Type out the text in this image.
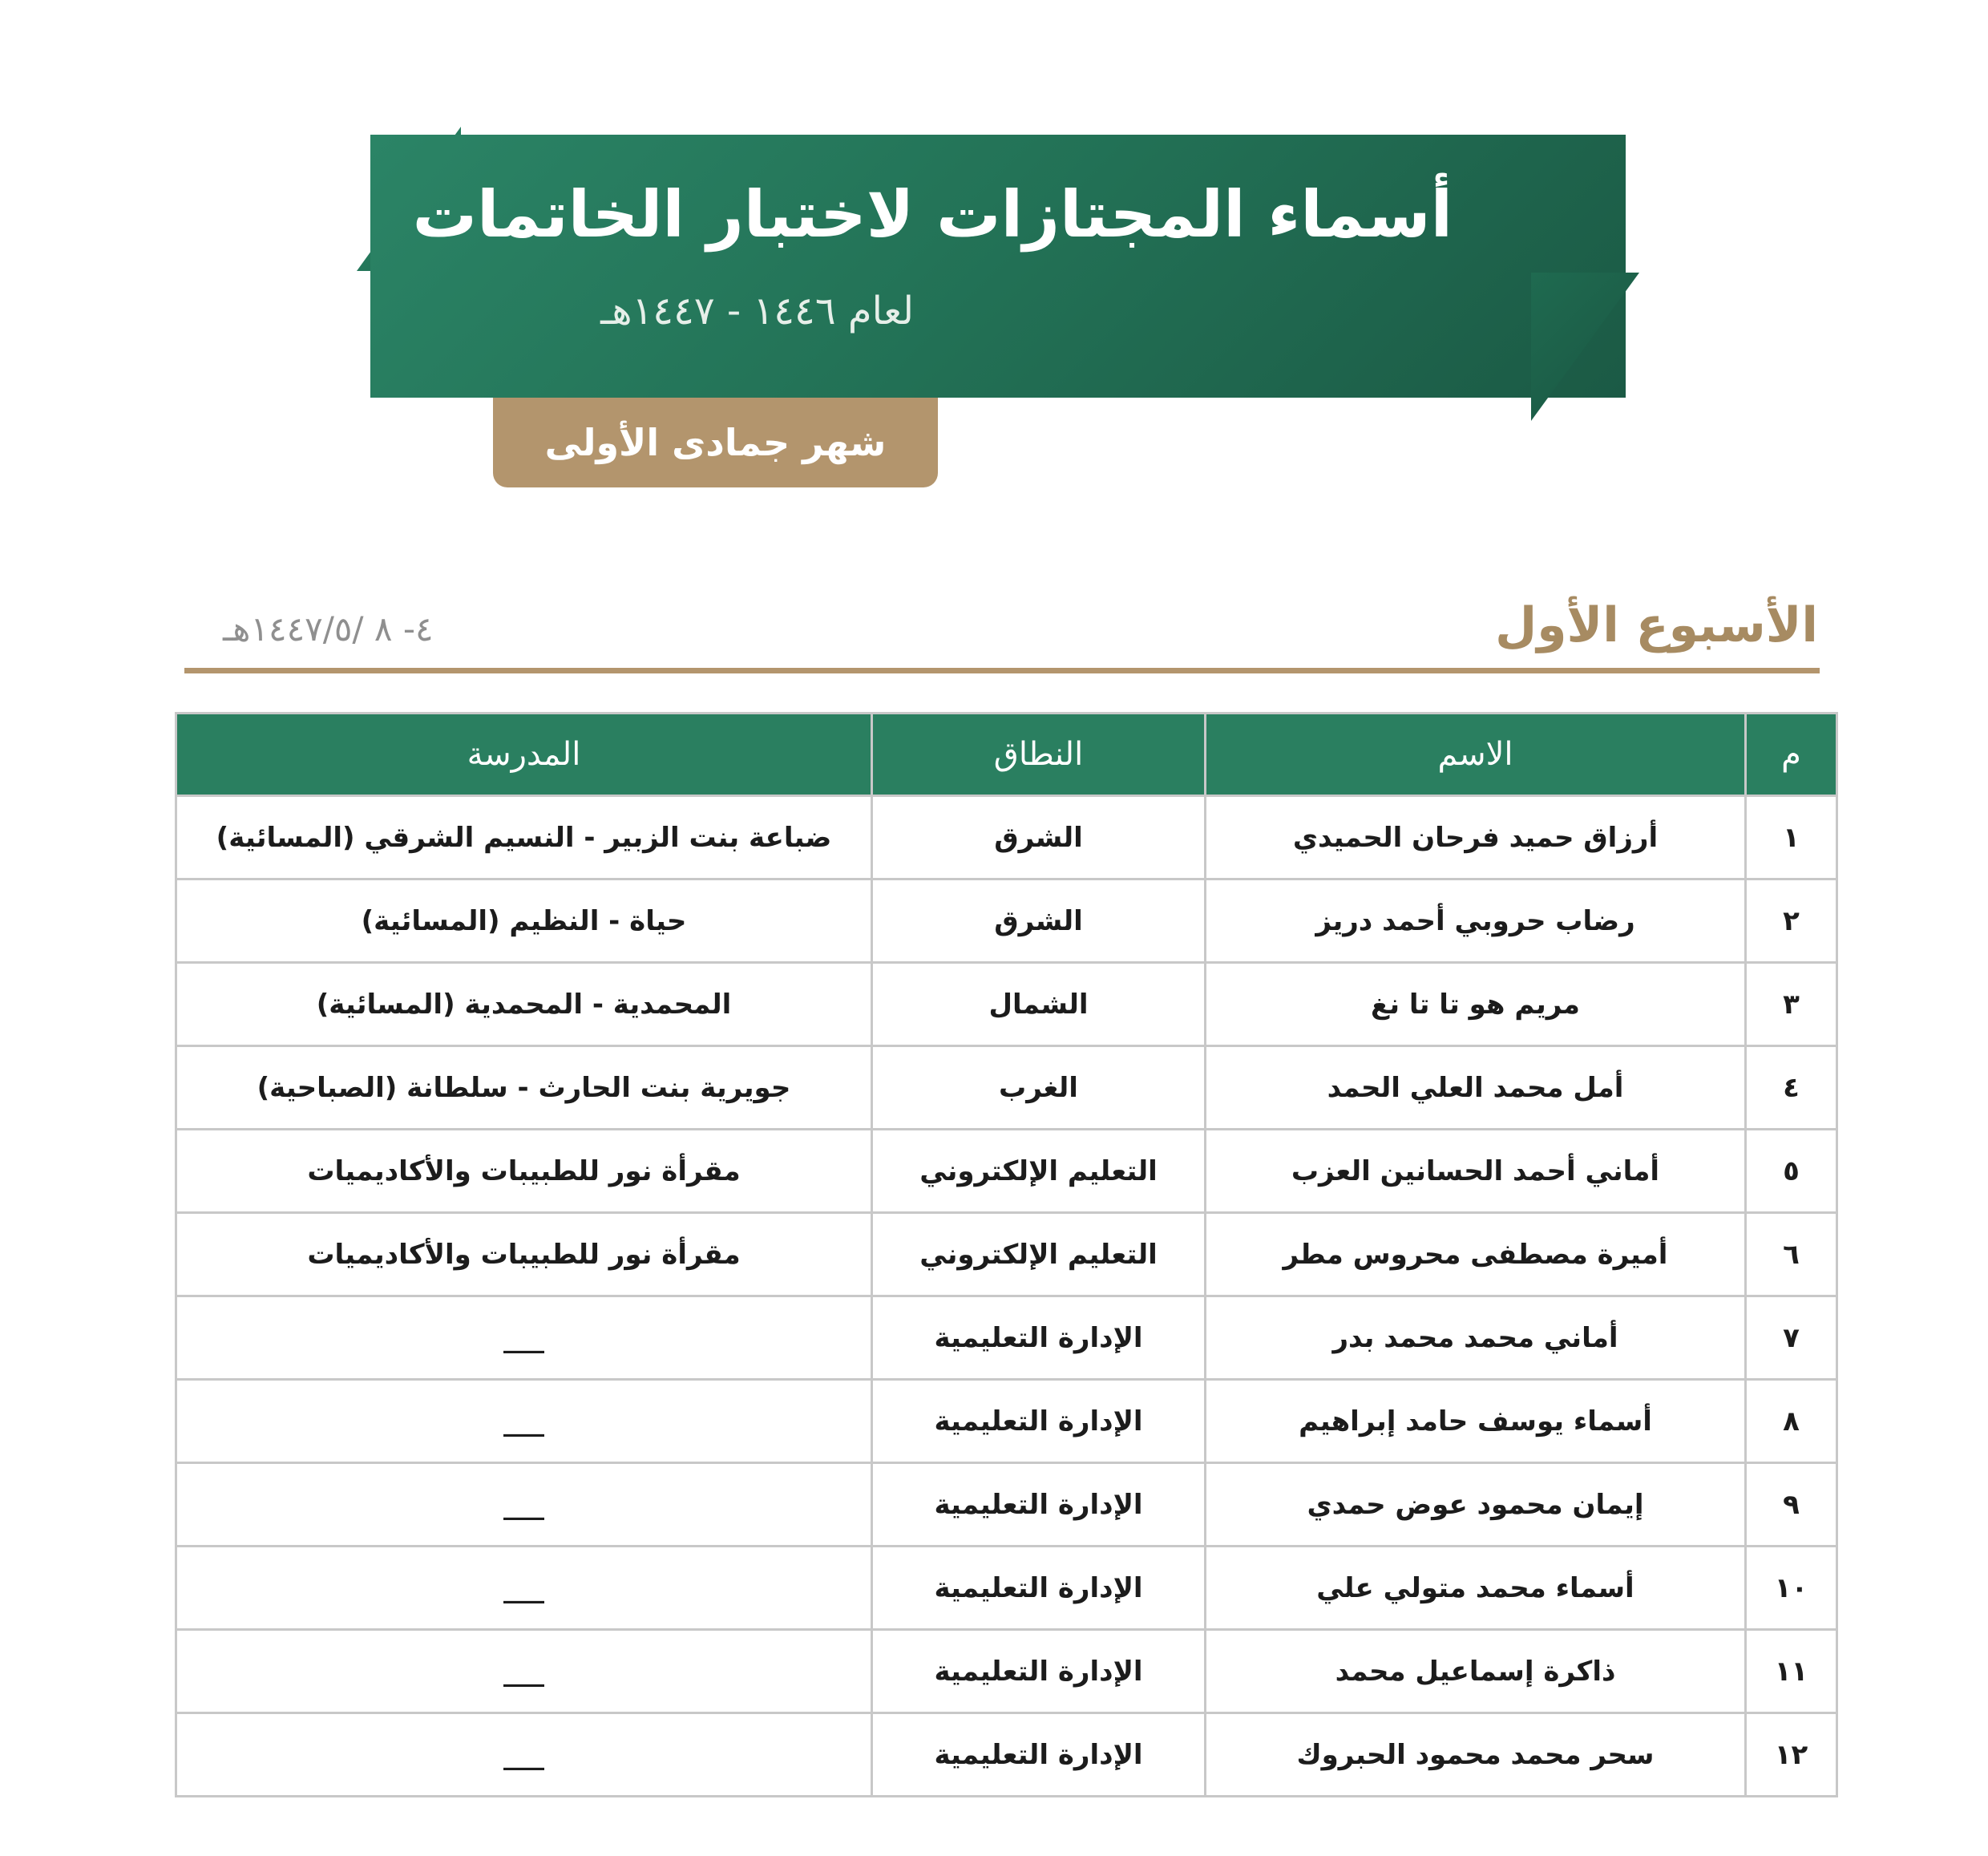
أسماء المجتازات لاختبار الخاتمات
لعام ١٤٤٦ - ١٤٤٧هـ
شهر جمادى الأولى
الأسبوع الأول
٤- ٨ /١٤٤٧/٥هـ
م	الاسم	النطاق	المدرسة
١	أرزاق حميد فرحان الحميدي	الشرق	ضباعة بنت الزبير - النسيم الشرقي (المسائية)
٢	رضاب حروبي أحمد دريز	الشرق	حياة - النظيم (المسائية)
٣	مريم هو تا تا نغ	الشمال	المحمدية - المحمدية (المسائية)
٤	أمل محمد العلي الحمد	الغرب	جويرية بنت الحارث - سلطانة (الصباحية)
٥	أماني أحمد الحسانين العزب	التعليم الإلكتروني	مقرأة نور للطبيبات والأكاديميات
٦	أميرة مصطفى محروس مطر	التعليم الإلكتروني	مقرأة نور للطبيبات والأكاديميات
٧	أماني محمد محمد بدر	الإدارة التعليمية	___
٨	أسماء يوسف حامد إبراهيم	الإدارة التعليمية	___
٩	إيمان محمود عوض حمدي	الإدارة التعليمية	___
١٠	أسماء محمد متولي علي	الإدارة التعليمية	___
١١	ذاكرة إسماعيل محمد	الإدارة التعليمية	___
١٢	سحر محمد محمود الحبروك	الإدارة التعليمية	___
